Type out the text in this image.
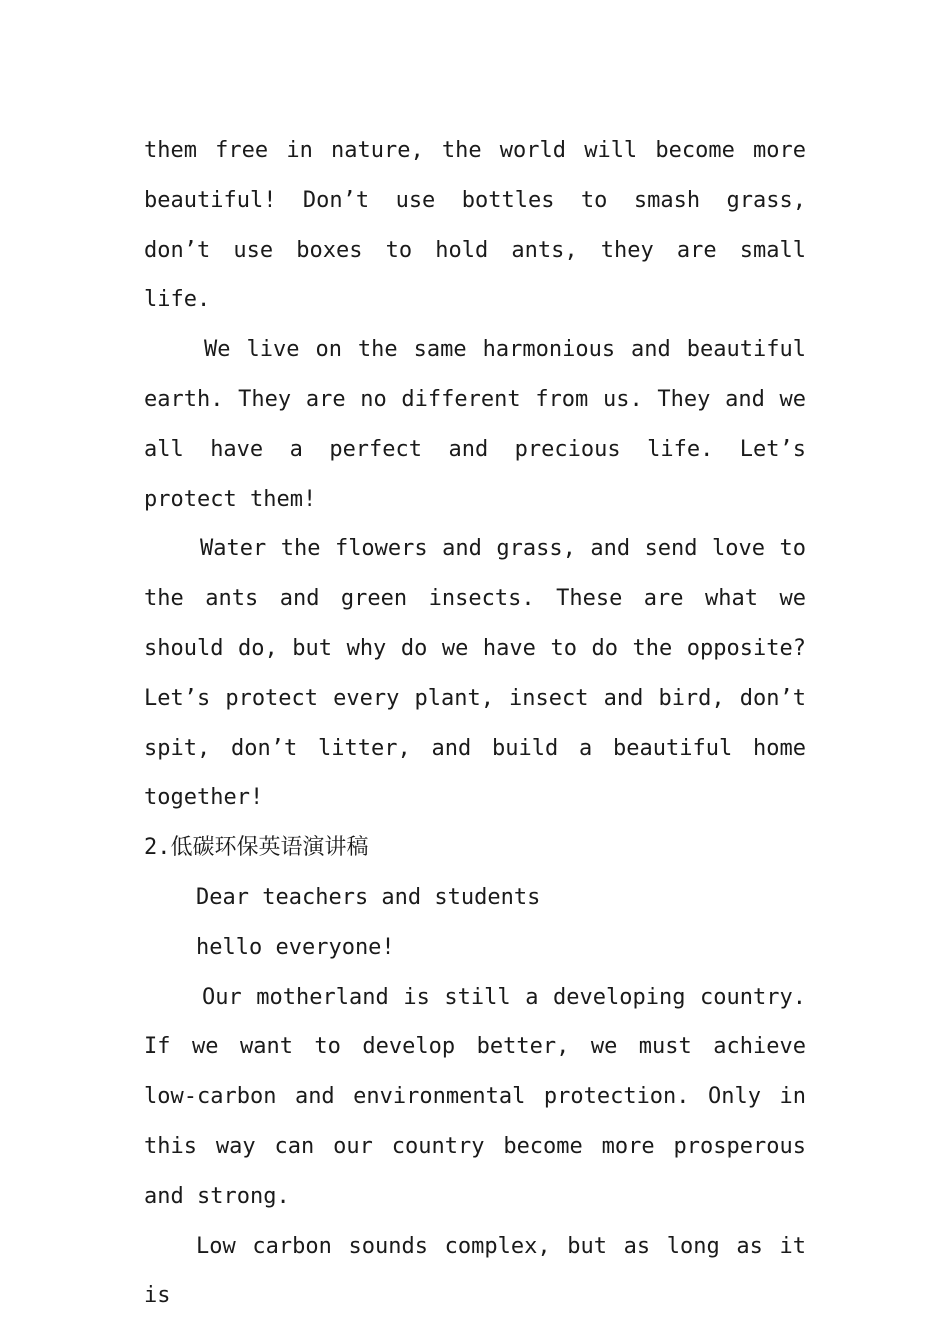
them free in nature, the world will become more beautiful! Don’t use bottles to smash grass, don’t use boxes to hold ants, they are small life.

We live on the same harmonious and beautiful earth. They are no different from us. They and we all have a perfect and precious life. Let’s protect them!

Water the flowers and grass, and send love to the ants and green insects. These are what we should do, but why do we have to do the opposite? Let’s protect every plant, insect and bird, don’t spit, don’t litter, and build a beautiful home together!

2.低碳环保英语演讲稿

Dear teachers and students

hello everyone!

Our motherland is still a developing country. If we want to develop better, we must achieve low-carbon and environmental protection. Only in this way can our country become more prosperous and strong.

Low carbon sounds complex, but as long as it is
